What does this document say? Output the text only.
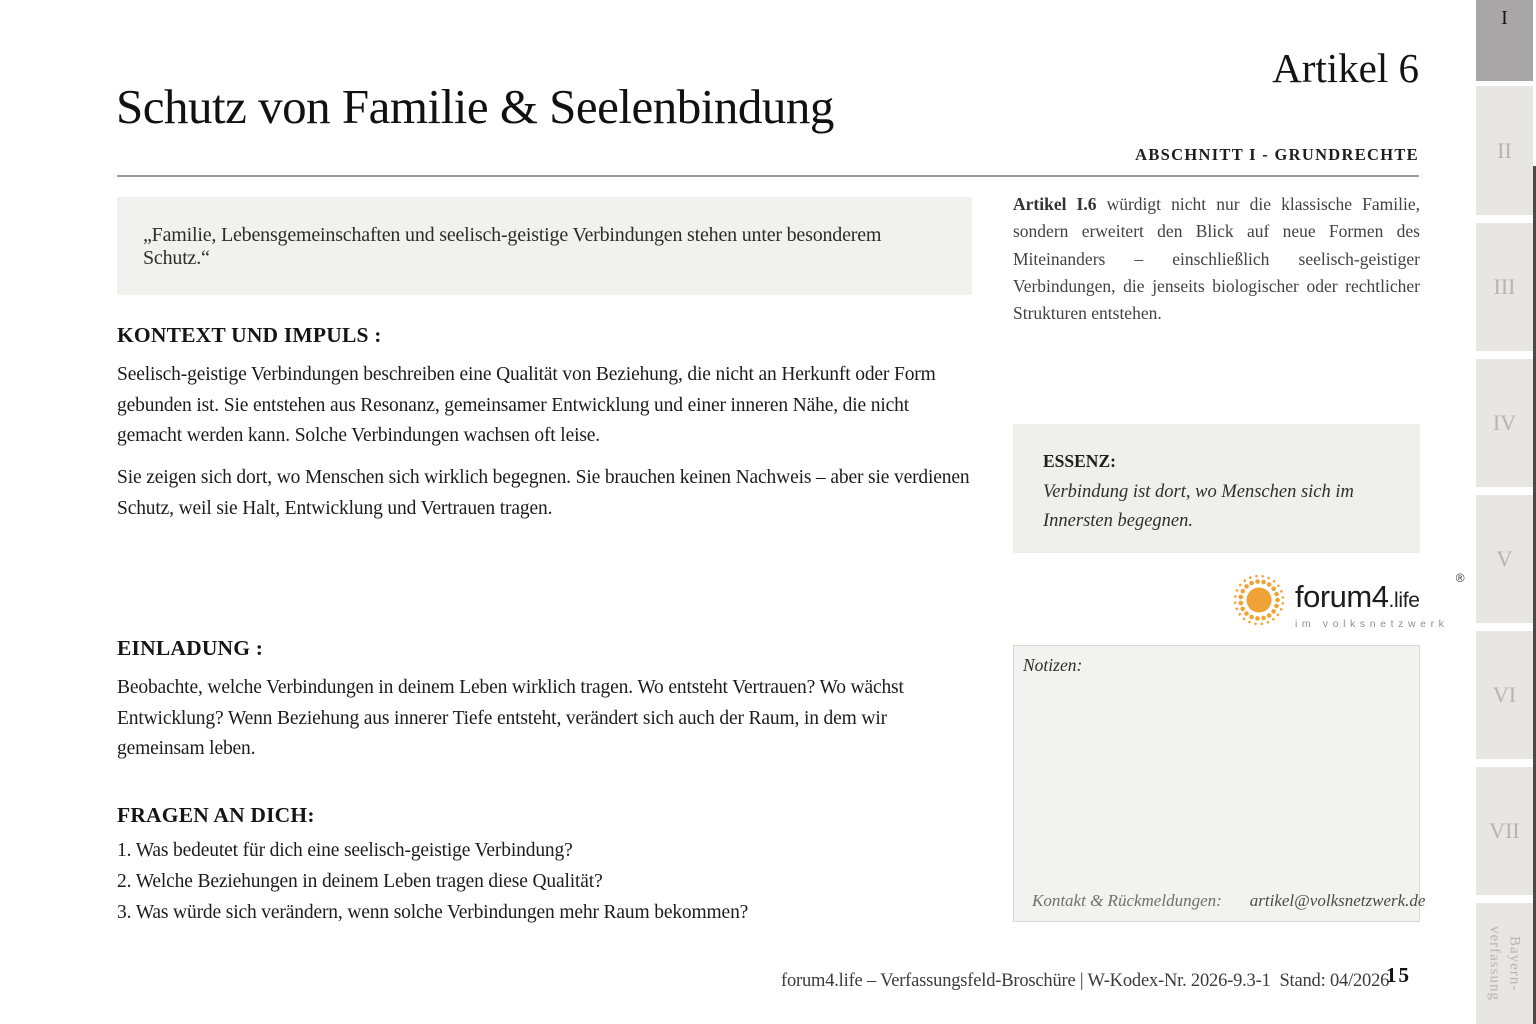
Schutz von Familie & Seelenbindung
Artikel 6
ABSCHNITT I - GRUNDRECHTE
„Familie, Lebensgemeinschaften und seelisch-geistige Verbindungen stehen unter besonderem Schutz.“
KONTEXT UND IMPULS :

Seelisch-geistige Verbindungen beschreiben eine Qualität von Beziehung, die nicht an Herkunft oder Form gebunden ist. Sie entstehen aus Resonanz, gemeinsamer Entwicklung und einer inneren Nähe, die nicht gemacht werden kann. Solche Verbindungen wachsen oft leise.

Sie zeigen sich dort, wo Menschen sich wirklich begegnen. Sie brauchen keinen Nachweis – aber sie verdienen Schutz, weil sie Halt, Entwicklung und Vertrauen tragen.

EINLADUNG :

Beobachte, welche Verbindungen in deinem Leben wirklich tragen. Wo entsteht Vertrauen? Wo wächst Entwicklung? Wenn Beziehung aus innerer Tiefe entsteht, verändert sich auch der Raum, in dem wir gemeinsam leben.

FRAGEN AN DICH:
1. Was bedeutet für dich eine seelisch-geistige Verbindung?
2. Welche Beziehungen in deinem Leben tragen diese Qualität?
3. Was würde sich verändern, wenn solche Verbindungen mehr Raum bekommen?

Artikel I.6 würdigt nicht nur die klassische Familie, sondern erweitert den Blick auf neue Formen des Miteinanders – einschließlich seelisch-geistiger Verbindungen, die jenseits biologischer oder rechtlicher Strukturen entstehen.

ESSENZ:
Verbindung ist dort, wo Menschen sich im Innersten begegnen.
forum4.life
®
im volksnetzwerk
Notizen:
Kontakt & Rückmeldungen: artikel@volksnetzwerk.de
forum4.life – Verfassungsfeld-Broschüre | W-Kodex-Nr. 2026-9.3-1  Stand: 04/2026
15
I
II
III
IV
V
VI
VII
Bayern-verfassung
